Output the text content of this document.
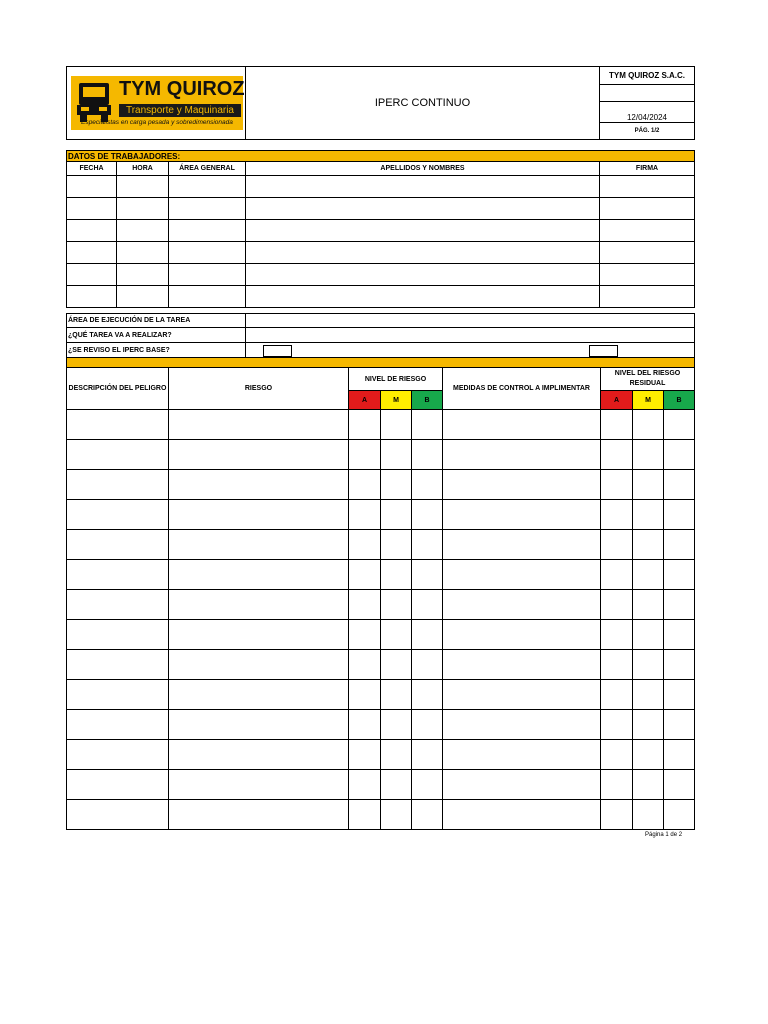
TYM QUIROZ
Transporte y Maquinaria
Especialistas en carga pesada y sobredimensionada
	IPERC CONTINUO	TYM QUIROZ S.A.C.

12/04/2024
PÁG. 1/2
DATOS DE TRABAJADORES:				
FECHA	HORA	ÁREA GENERAL	APELLIDOS Y NOMBRES	FIRMA

ÁREA DE EJECUCIÓN DE LA TAREA	
¿QUÉ TAREA VA A REALIZAR?	
¿SE REVISO EL IPERC BASE?	

DESCRIPCIÓN DEL PELIGRO	RIESGO	NIVEL DE RIESGO			MEDIDAS DE CONTROL A IMPLIMENTAR	NIVEL DEL RIESGO
RESIDUAL		

		A	M	B		A	M	B

Página 1 de 2
